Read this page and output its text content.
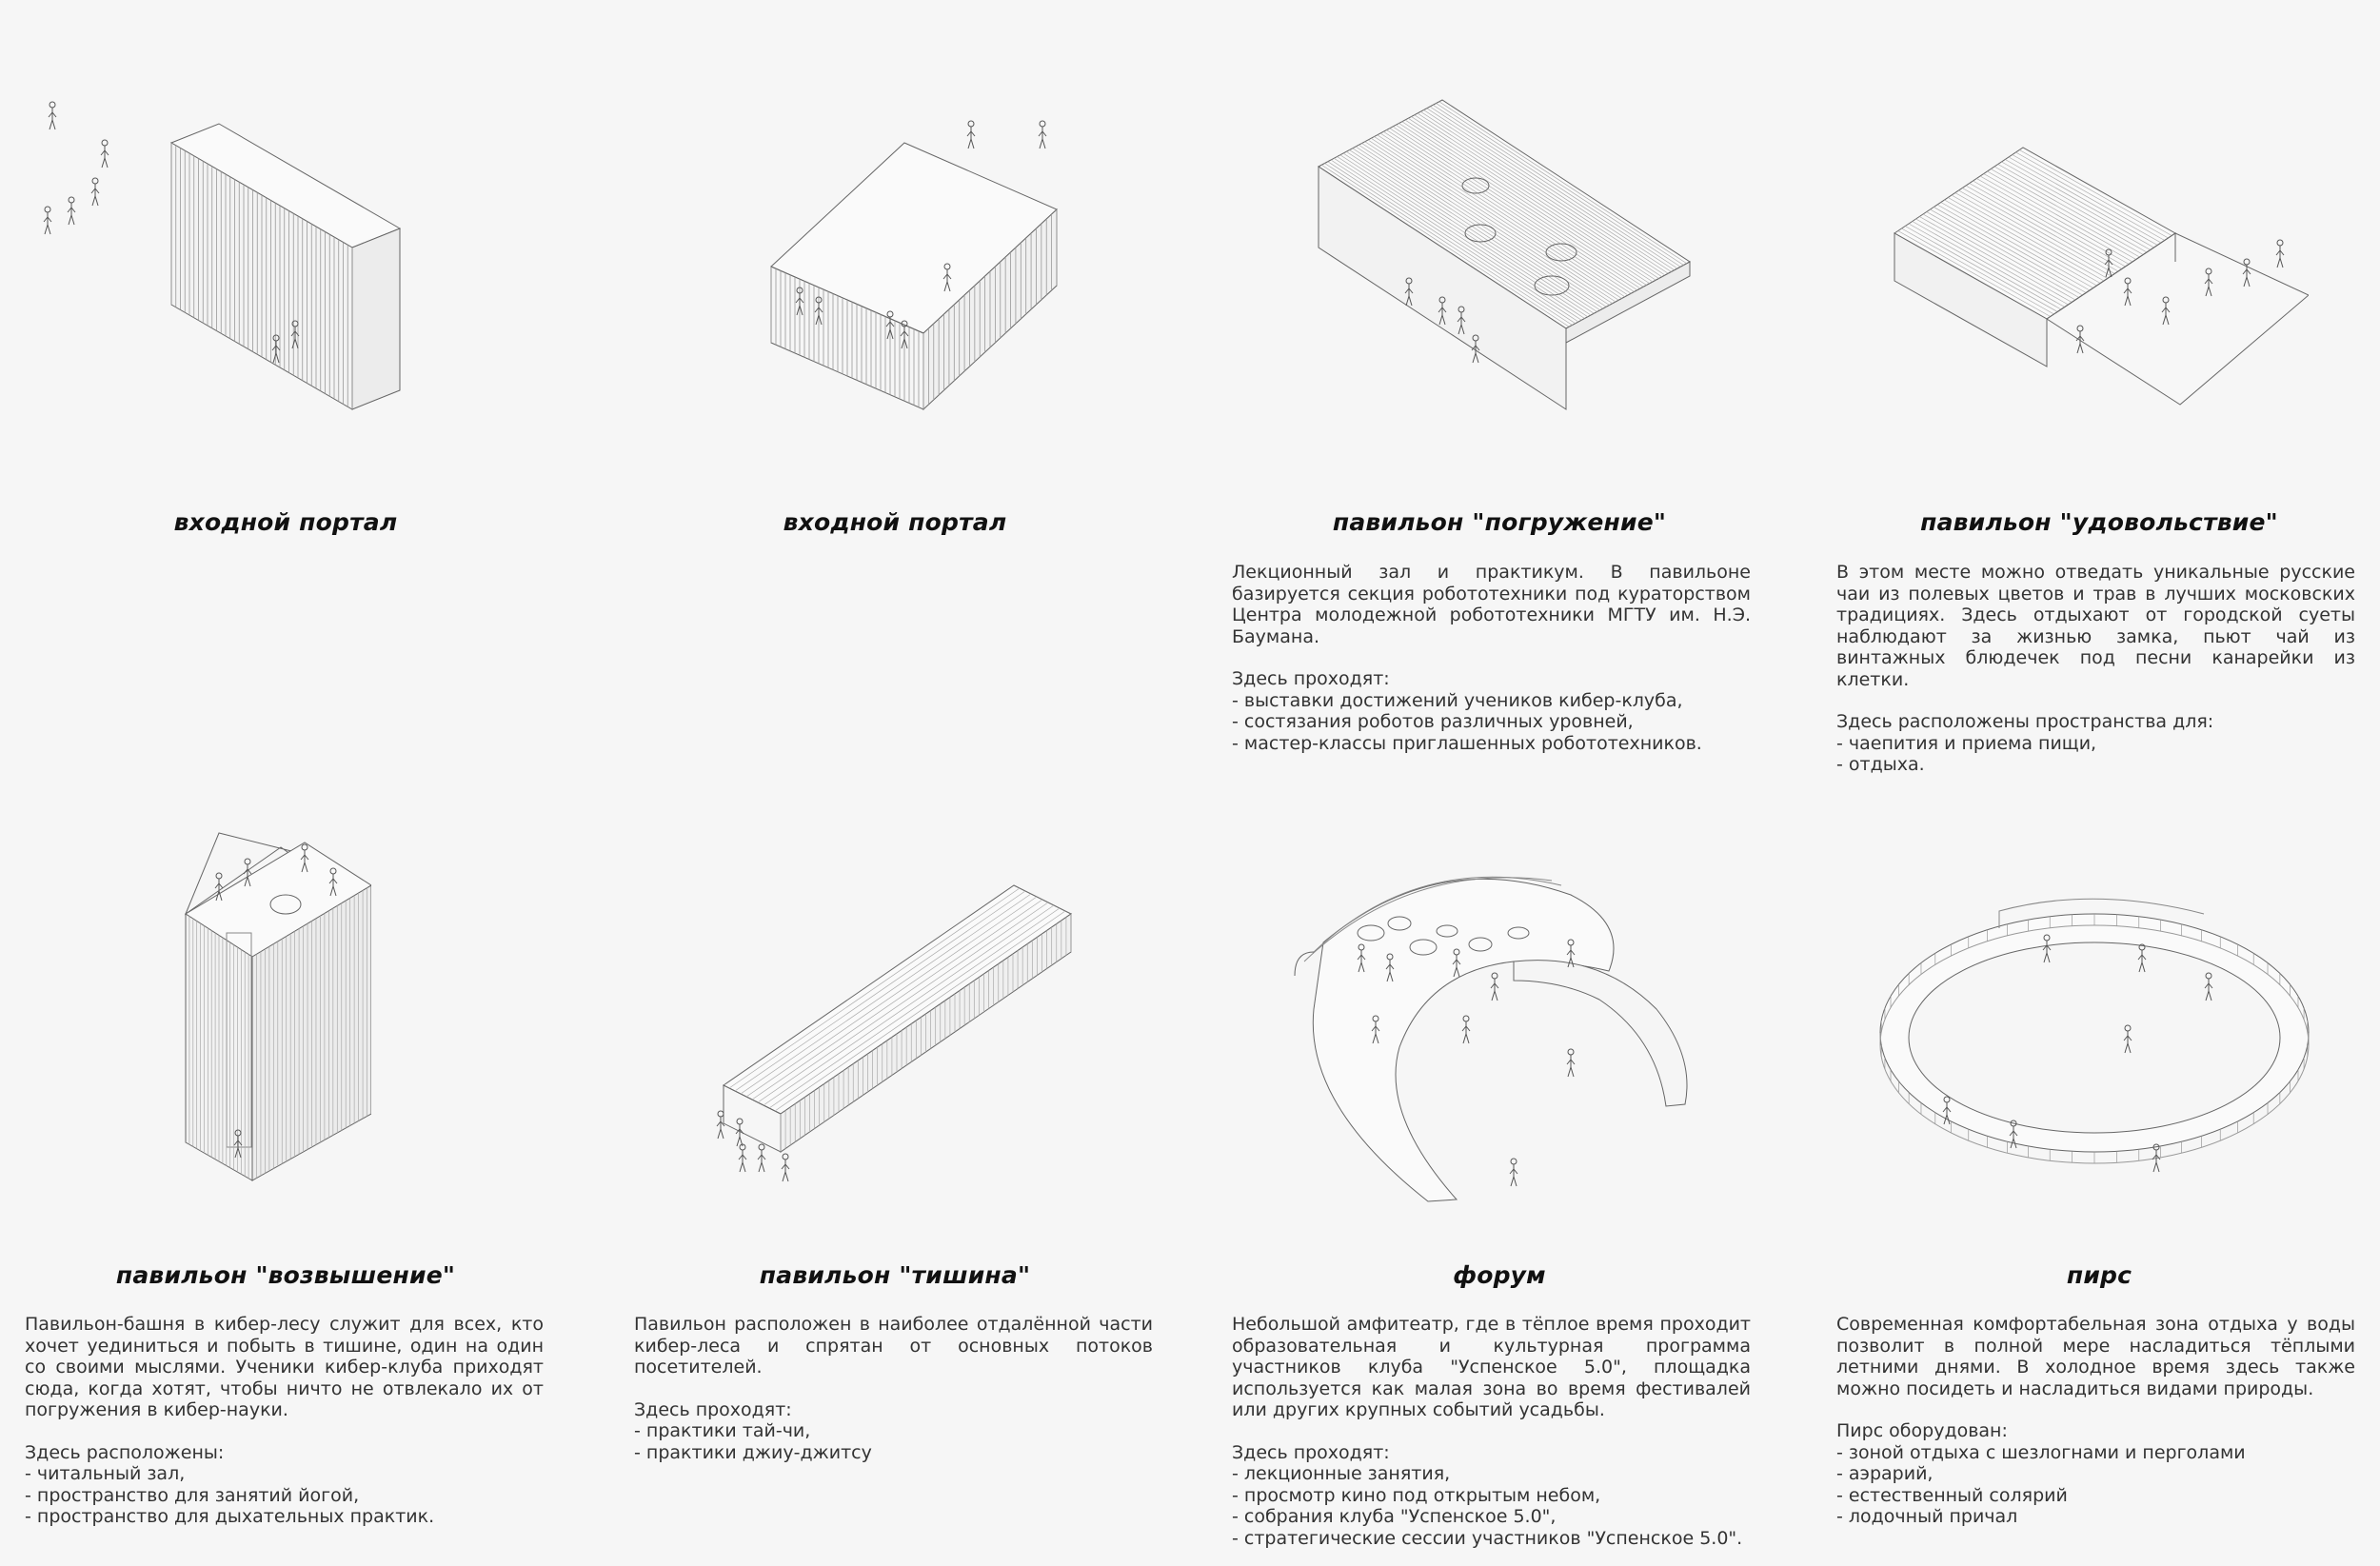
входной портал	входной портал	павильон "погружение"

Лекционный зал и практикум. В павильоне базируется секция робототехники под кураторством Центра молодежной робототехники МГТУ им. Н.Э. Баумана.

Здесь проходят:
- выставки достижений учеников кибер-клуба,
- состязания роботов различных уровней,
- мастер-классы приглашенных робототехников.
павильон "удовольствие"

В этом месте можно отведать уникальные русские чаи из полевых цветов и трав в лучших московских традициях. Здесь отдыхают от городской суеты наблюдают за жизнью замка, пьют чай из винтажных блюдечек под песни канарейки из клетки.

Здесь расположены пространства для:
- чаепития и приема пищи,
- отдыха.
павильон "возвышение"

Павильон-башня в кибер-лесу служит для всех, кто хочет уединиться и побыть в тишине, один на один со своими мыслями. Ученики кибер-клуба приходят сюда, когда хотят, чтобы ничто не отвлекало их от погружения в кибер-науки.

Здесь расположены:
- читальный зал,
- пространство для занятий йогой,
- пространство для дыхательных практик.
павильон "тишина"

Павильон расположен в наиболее отдалённой части кибер-леса и спрятан от основных потоков посетителей.

Здесь проходят:
- практики тай-чи,
- практики джиу-джитсу
форум

Небольшой амфитеатр, где в тёплое время проходит образовательная и культурная программа участников клуба "Успенское 5.0", площадка используется как малая зона во время фестивалей или других крупных событий усадьбы.

Здесь проходят:
- лекционные занятия,
- просмотр кино под открытым небом,
- собрания клуба "Успенское 5.0",
- стратегические сессии участников "Успенское 5.0".
пирс

Современная комфортабельная зона отдыха у воды позволит в полной мере насладиться тёплыми летними днями. В холодное время здесь также можно посидеть и насладиться видами природы.

Пирс оборудован:
- зоной отдыха с шезлогнами и перголами
- аэрарий,
- естественный солярий
- лодочный причал
